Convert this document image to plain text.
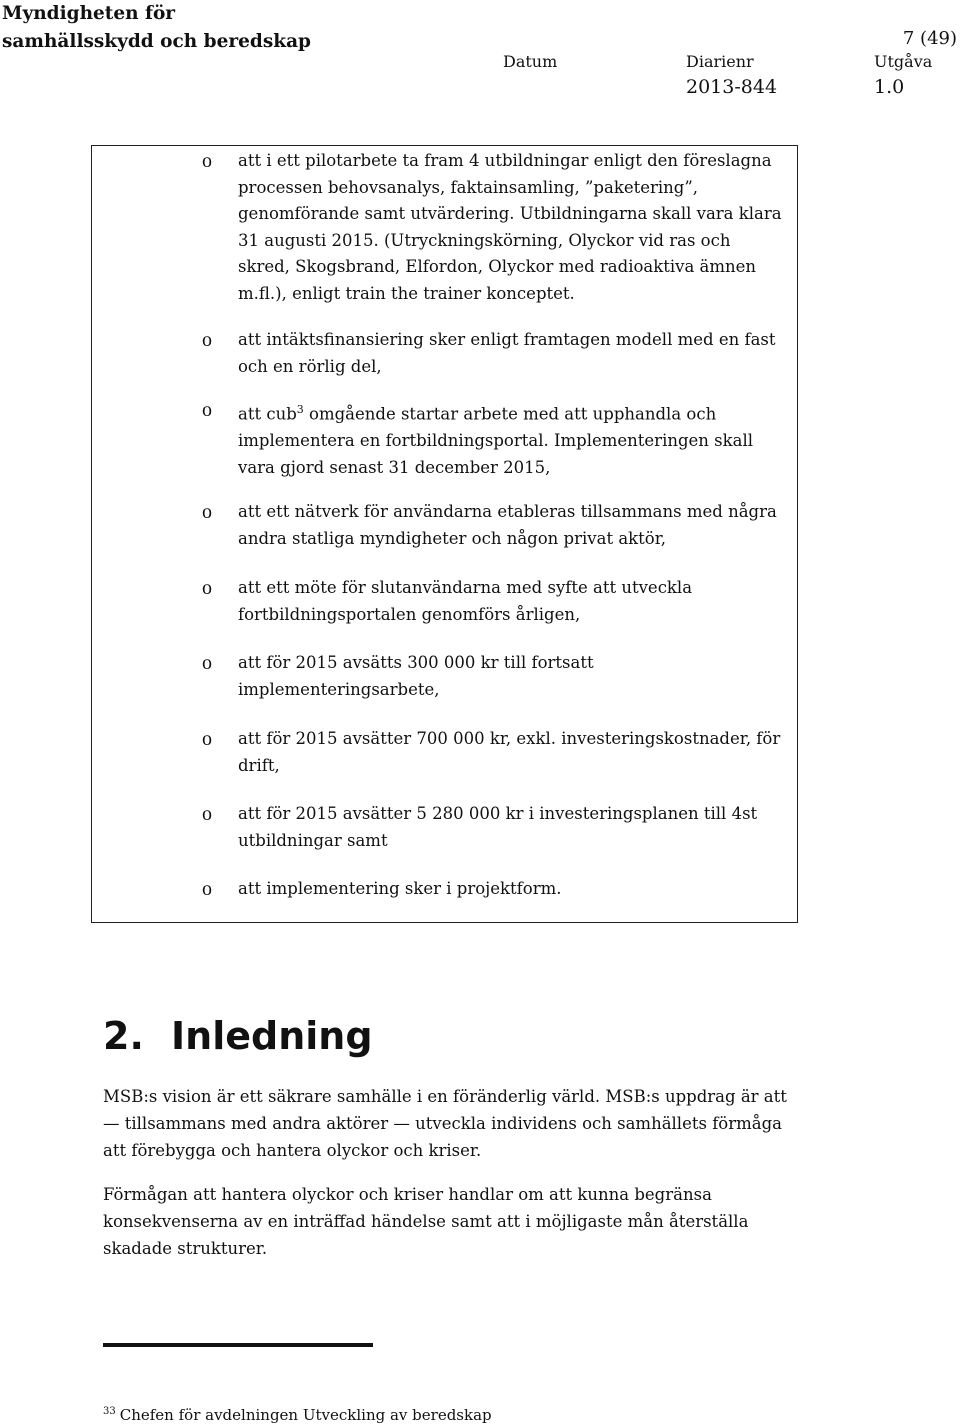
Myndigheten för
samhällsskydd och beredskap	7 (49)
Datum	Diarienr	Utgåva
2013-844	1.0
o att i ett pilotarbete ta fram 4 utbildningar enligt den föreslagna processen behovsanalys, faktainsamling, ”paketering”, genomförande samt utvärdering. Utbildningarna skall vara klara 31 augusti 2015. (Utryckningskörning, Olyckor vid ras och skred, Skogsbrand, Elfordon, Olyckor med radioaktiva ämnen m.fl.), enligt train the trainer konceptet.
o att intäktsfinansiering sker enligt framtagen modell med en fast och en rörlig del,
o att cub$^3$ omgående startar arbete med att upphandla och implementera en fortbildningsportal. Implementeringen skall vara gjord senast 31 december 2015,
o att ett nätverk för användarna etableras tillsammans med några andra statliga myndigheter och någon privat aktör,
o att ett möte för slutanvändarna med syfte att utveckla fortbildningsportalen genomförs årligen,
o att för 2015 avsätts 300 000 kr till fortsatt implementeringsarbete,
o att för 2015 avsätter 700 000 kr, exkl. investeringskostnader, för drift,
o att för 2015 avsätter 5 280 000 kr i investeringsplanen till 4st utbildningar samt
o att implementering sker i projektform.
2. Inledning
MSB:s vision är ett säkrare samhälle i en föränderlig värld. MSB:s uppdrag är att — tillsammans med andra aktörer — utveckla individens och samhällets förmåga att förebygga och hantera olyckor och kriser.
Förmågan att hantera olyckor och kriser handlar om att kunna begränsa konsekvenserna av en inträffad händelse samt att i möjligaste mån återställa skadade strukturer.
$^{33}$ Chefen för avdelningen Utveckling av beredskap
